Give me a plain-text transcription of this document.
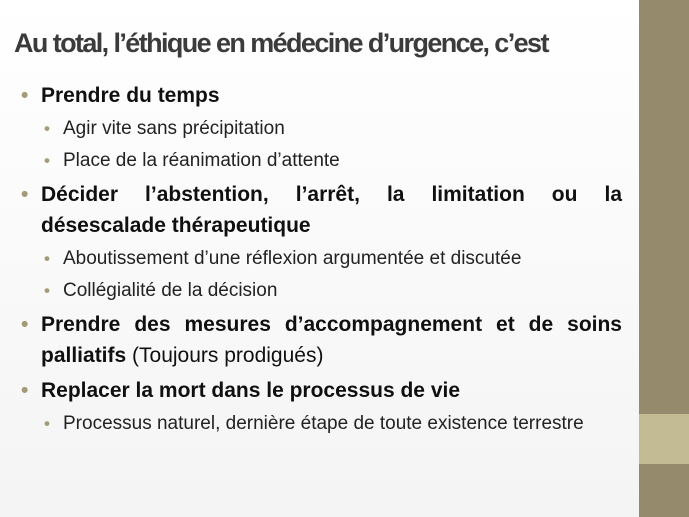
Au total, l’éthique en médecine d’urgence, c’est
• Prendre du temps
• Agir vite sans précipitation
• Place de la réanimation d’attente
• Décider l’abstention, l’arrêt, la limitation ou la désescalade thérapeutique
• Aboutissement d’une réflexion argumentée et discutée
• Collégialité de la décision
• Prendre des mesures d’accompagnement et de soins palliatifs (Toujours prodigués)
• Replacer la mort dans le processus de vie
• Processus naturel, dernière étape de toute existence terrestre
